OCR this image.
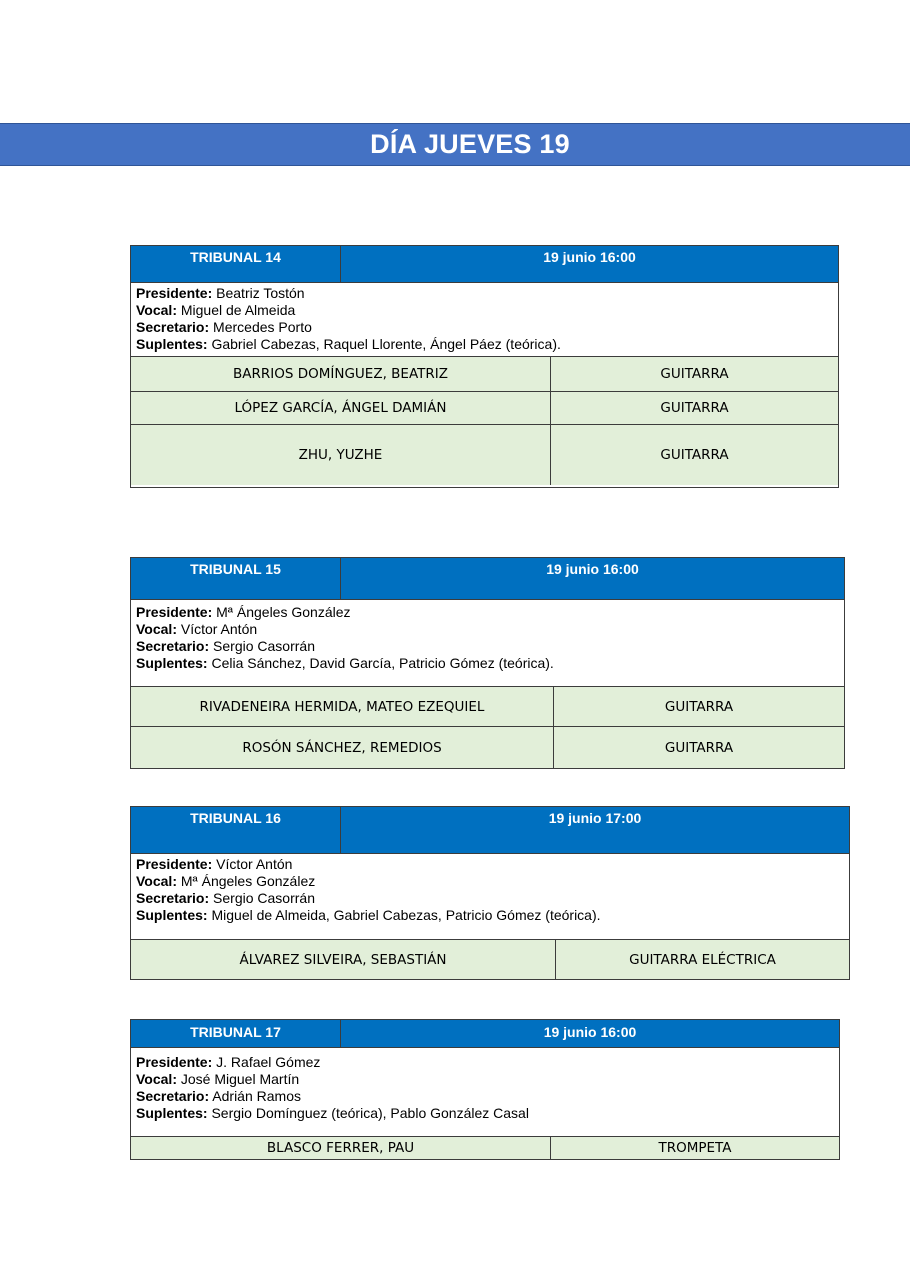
DÍA JUEVES 19
TRIBUNAL 14	19 junio 16:00
Presidente: Beatriz Tostón
Vocal: Miguel de Almeida
Secretario: Mercedes Porto
Suplentes: Gabriel Cabezas, Raquel Llorente, Ángel Páez (teórica).
BARRIOS DOMÍNGUEZ, BEATRIZ	GUITARRA
LÓPEZ GARCÍA, ÁNGEL DAMIÁN	GUITARRA
ZHU, YUZHE	GUITARRA
TRIBUNAL 15	19 junio 16:00
Presidente: Mª Ángeles González
Vocal: Víctor Antón
Secretario: Sergio Casorrán
Suplentes: Celia Sánchez, David García, Patricio Gómez (teórica).
RIVADENEIRA HERMIDA, MATEO EZEQUIEL	GUITARRA
ROSÓN SÁNCHEZ, REMEDIOS	GUITARRA
TRIBUNAL 16	19 junio 17:00
Presidente: Víctor Antón
Vocal: Mª Ángeles González
Secretario: Sergio Casorrán
Suplentes: Miguel de Almeida, Gabriel Cabezas, Patricio Gómez (teórica).
ÁLVAREZ SILVEIRA, SEBASTIÁN	GUITARRA ELÉCTRICA
TRIBUNAL 17	19 junio 16:00
Presidente: J. Rafael Gómez
Vocal: José Miguel Martín
Secretario: Adrián Ramos
Suplentes: Sergio Domínguez (teórica), Pablo González Casal
BLASCO FERRER, PAU	TROMPETA
